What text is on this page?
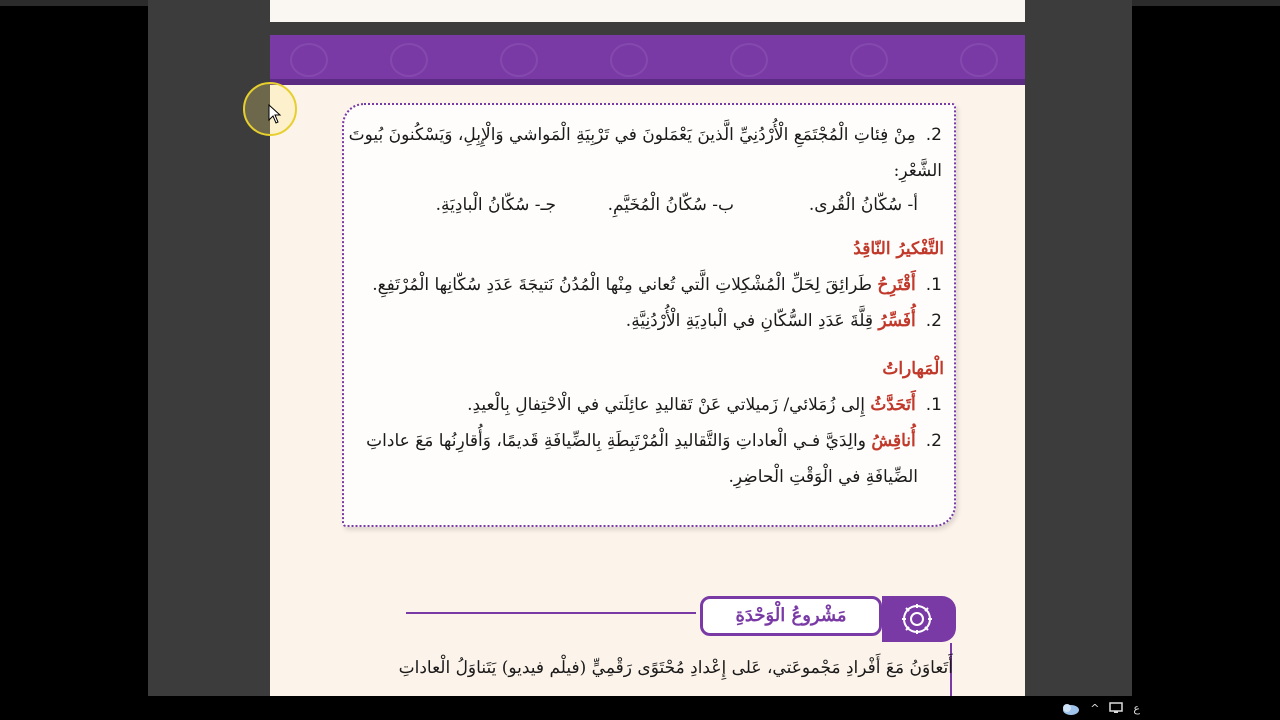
2.مِنْ فِئاتِ الْمُجْتَمَعِ الْأُرْدُنِيِّ الَّذينَ يَعْمَلونَ في تَرْبِيَةِ الْمَواشي وَالْإِبِلِ، وَيَسْكُنونَ بُيوتَ
الشَّعْرِ:
أ- سُكّانُ الْقُرى.
ب- سُكّانُ الْمُخَيَّمِ.
جـ- سُكّانُ الْبادِيَةِ.
التَّفْكيرُ النّاقِدُ
1.أَقْتَرِحُ طَرائِقَ لِحَلِّ الْمُشْكِلاتِ الَّتي تُعاني مِنْها الْمُدُنُ نَتيجَةَ عَدَدِ سُكّانِها الْمُرْتَفِعِ.
2.أُفَسِّرُ قِلَّةَ عَدَدِ السُّكّانِ في الْبادِيَةِ الْأُرْدُنِيَّةِ.
الْمَهاراتُ
1.أَتَحَدَّثُ إِلى زُمَلائي/ زَميلاتي عَنْ تَقاليدِ عائِلَتي في الْاحْتِفالِ بِالْعيدِ.
2.أُناقِشُ والِدَيَّ فـي الْعاداتِ وَالتَّقاليدِ الْمُرْتَبِطَةِ بِالضِّيافَةِ قَديمًا، وَأُقارِنُها مَعَ عاداتِ
الضِّيافَةِ في الْوَقْتِ الْحاضِرِ.
مَشْروعُ الْوَحْدَةِ
أَتَعاوَنُ مَعَ أَفْرادِ مَجْموعَتي، عَلى إِعْدادِ مُحْتَوًى رَقْمِيٍّ (فيلْم فيديو) يَتَناوَلُ الْعاداتِ
^	ع
